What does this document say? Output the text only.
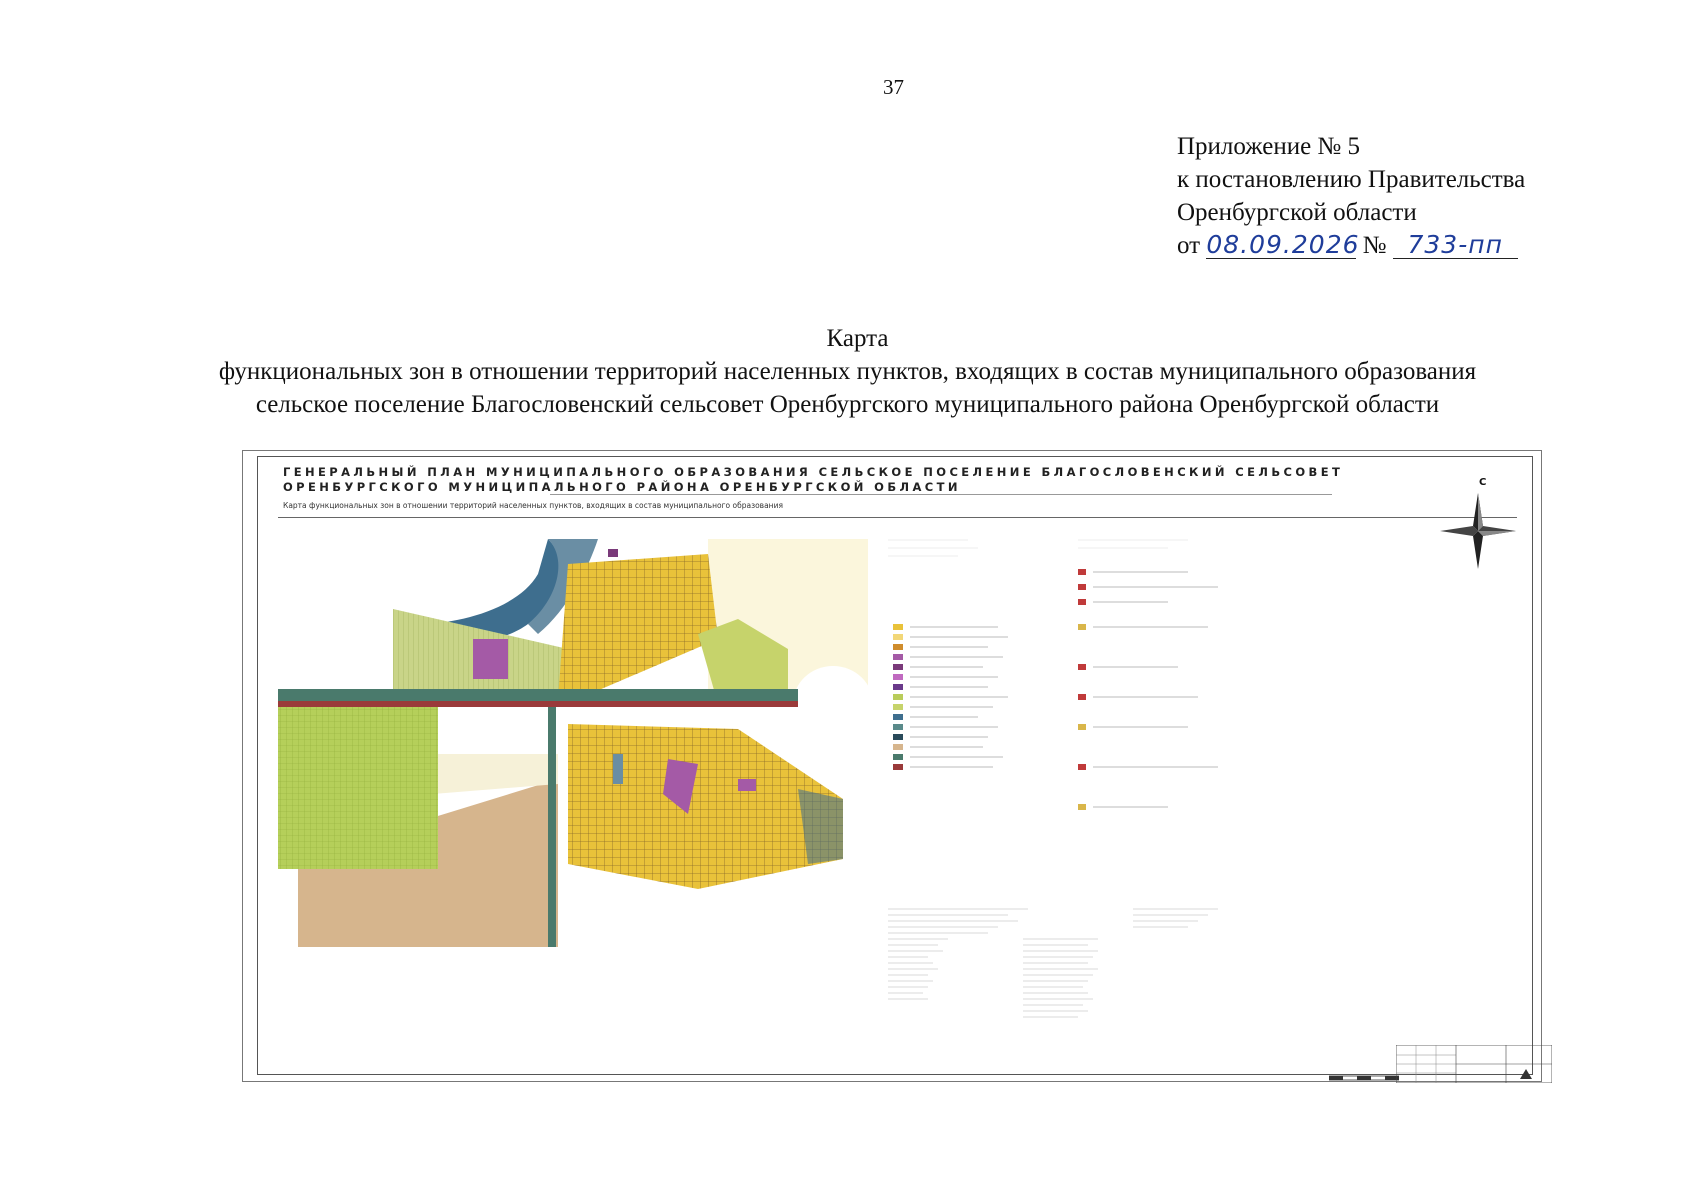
37
Приложение № 5
к постановлению Правительства
Оренбургской области
от 08.09.2026 № 733-пп
Карта
функциональных зон в отношении территорий населенных пунктов, входящих в состав муниципального образования
сельское поселение Благословенский сельсовет Оренбургского муниципального района Оренбургской области
ГЕНЕРАЛЬНЫЙ ПЛАН МУНИЦИПАЛЬНОГО ОБРАЗОВАНИЯ СЕЛЬСКОЕ ПОСЕЛЕНИЕ БЛАГОСЛОВЕНСКИЙ СЕЛЬСОВЕТ
ОРЕНБУРГСКОГО МУНИЦИПАЛЬНОГО РАЙОНА ОРЕНБУРГСКОЙ ОБЛАСТИ
Карта функциональных зон в отношении территорий населенных пунктов, входящих в состав муниципального образования
С
